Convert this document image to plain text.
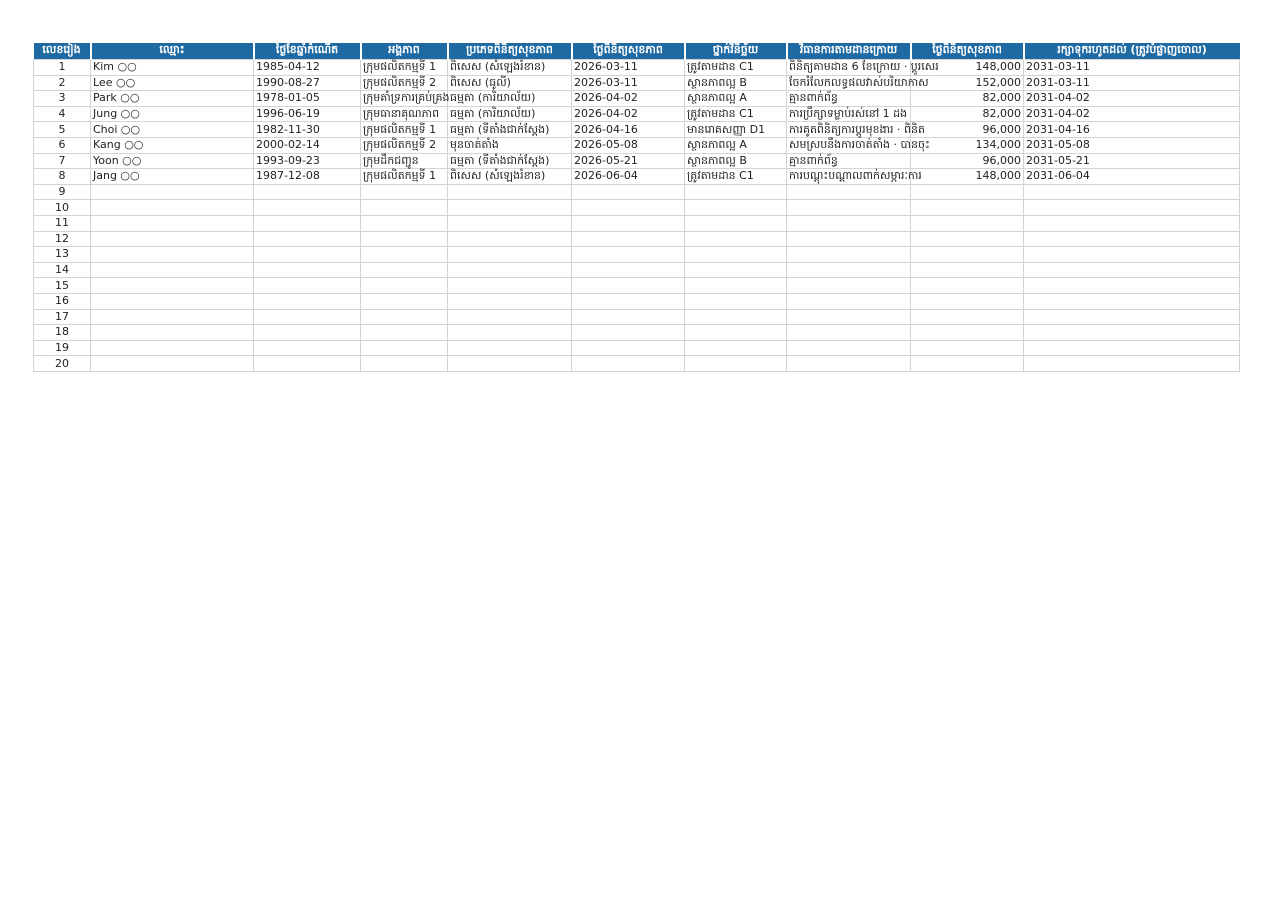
លេខរៀង	ឈ្មោះ	ថ្ងៃខែឆ្នាំកំណើត	អង្គភាព	ប្រភេទពិនិត្យសុខភាព	ថ្ងៃពិនិត្យសុខភាព	ថ្នាក់វិនិច្ឆ័យ	វិធានការតាមដានក្រោយ	ថ្ងៃពិនិត្យសុខភាព	រក្សាទុករហូតដល់ (ត្រូវបំផ្លាញចោល)
1	Kim ○○	1985-04-12	ក្រុមផលិតកម្មទី 1	ពិសេស (សំឡេងរំខាន)	2026-03-11	ត្រូវតាមដាន C1	ពិនិត្យតាមដាន 6 ខែក្រោយ · ប្តូរសេរ	148,000	2031-03-11
2	Lee ○○	1990-08-27	ក្រុមផលិតកម្មទី 2	ពិសេស (ធូលី)	2026-03-11	ស្ថានភាពល្អ B	ចែករំលែកលទ្ធផលវាស់បរិយាកាស	152,000	2031-03-11
3	Park ○○	1978-01-05	ក្រុមគាំទ្រការគ្រប់គ្រង	ធម្មតា (ការិយាល័យ)	2026-04-02	ស្ថានភាពល្អ A	គ្មានពាក់ព័ន្ធ	82,000	2031-04-02
4	Jung ○○	1996-06-19	ក្រុមធានាគុណភាព	ធម្មតា (ការិយាល័យ)	2026-04-02	ត្រូវតាមដាន C1	ការប្រឹក្សាទម្លាប់រស់នៅ 1 ដង	82,000	2031-04-02
5	Choi ○○	1982-11-30	ក្រុមផលិតកម្មទី 1	ធម្មតា (ទីតាំងជាក់ស្តែង)	2026-04-16	មានរោគសញ្ញា D1	ការគូតពិនិត្យការប្តូរមុខងារ · ពិនិត	96,000	2031-04-16
6	Kang ○○	2000-02-14	ក្រុមផលិតកម្មទី 2	មុនចាត់តាំង	2026-05-08	ស្ថានភាពល្អ A	សមស្របនឹងការចាត់តាំង · បានចុះ	134,000	2031-05-08
7	Yoon ○○	1993-09-23	ក្រុមដឹកជញ្ជូន	ធម្មតា (ទីតាំងជាក់ស្តែង)	2026-05-21	ស្ថានភាពល្អ B	គ្មានពាក់ព័ន្ធ	96,000	2031-05-21
8	Jang ○○	1987-12-08	ក្រុមផលិតកម្មទី 1	ពិសេស (សំឡេងរំខាន)	2026-06-04	ត្រូវតាមដាន C1	ការបណ្តុះបណ្តាលពាក់សម្ភារៈការ	148,000	2031-06-04
9									
10									
11									
12									
13									
14									
15									
16									
17									
18									
19									
20									
